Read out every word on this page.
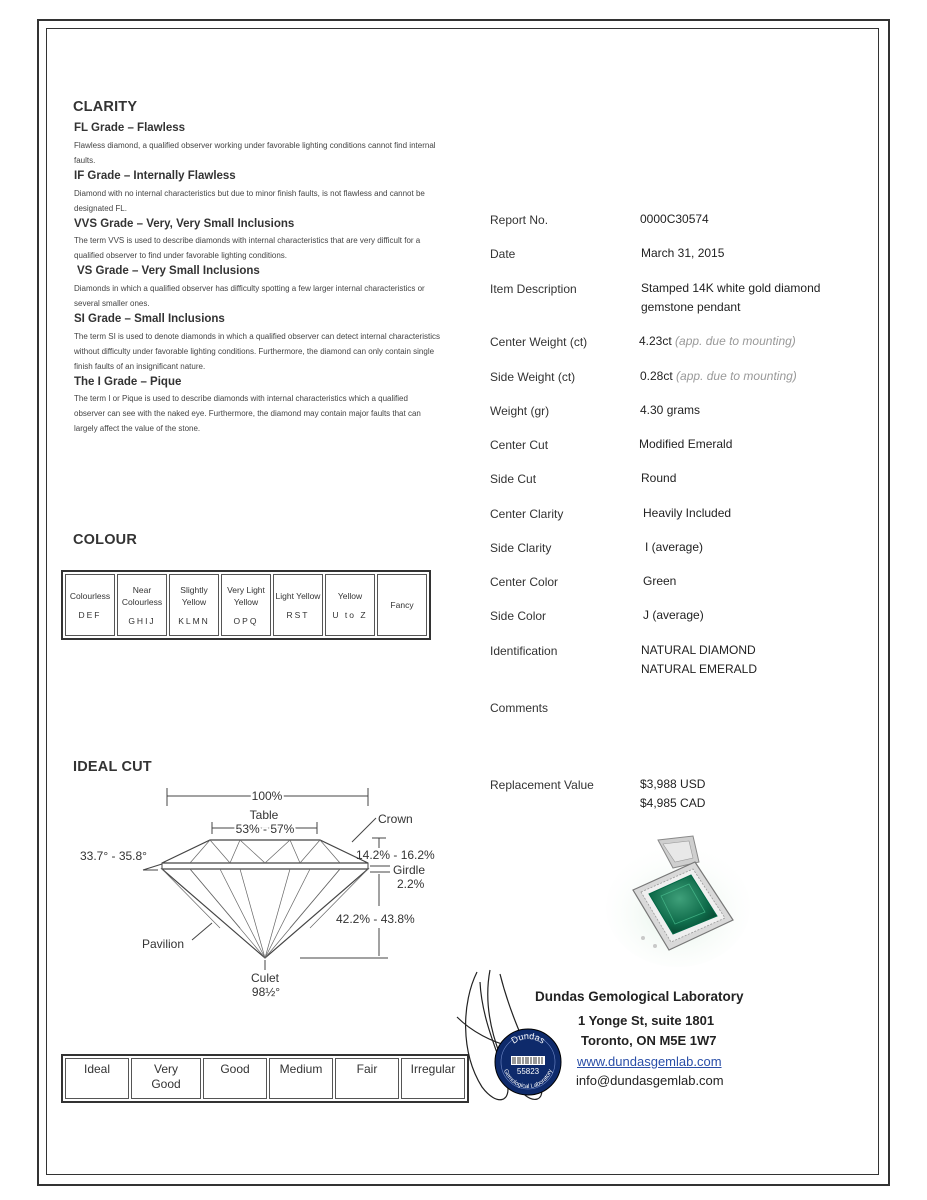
CLARITY

FL Grade – Flawless

Flawless diamond, a qualified observer working under favorable lighting conditions cannot find internal faults.

IF Grade – Internally Flawless

Diamond with no internal characteristics but due to minor finish faults, is not flawless and cannot be designated FL.

VVS Grade – Very, Very Small Inclusions

The term VVS is used to describe diamonds with internal characteristics that are very difficult for a qualified observer to find under favorable lighting conditions.

VS Grade – Very Small Inclusions

Diamonds in which a qualified observer has difficulty spotting a few larger internal characteristics or several smaller ones.

SI Grade – Small Inclusions

The term SI is used to denote diamonds in which a qualified observer can detect internal characteristics without difficulty under favorable lighting conditions. Furthermore, the diamond can only contain single finish faults of an insignificant nature.

The I Grade – Pique

The term I or Pique is used to describe diamonds with internal characteristics which a qualified observer can see with the naked eye. Furthermore, the diamond may contain major faults that can largely affect the value of the stone.

COLOUR
Colourless
DEF

Near Colourless
GHIJ

Slightly Yellow
KLMN

Very Light Yellow
OPQ

Light Yellow
RST

Yellow
U to Z

Fancy
IDEAL CUT
100%
Table
53% - 57%
33.7° - 35.8°
Crown
14.2% - 16.2%
Girdle
2.2%
42.2% - 43.8%
Pavilion
Culet
98½°
Ideal	Very Good	Good	Medium	Fair	Irregular
Report No.	0000C30574
Date	March 31, 2015
Item Description	Stamped 14K white gold diamond gemstone pendant
Center Weight (ct)	4.23ct (app. due to mounting)
Side Weight (ct)	0.28ct (app. due to mounting)
Weight (gr)	4.30 grams
Center Cut	Modified Emerald
Side Cut	Round
Center Clarity	Heavily Included
Side Clarity	I (average)
Center Color	Green
Side Color	J (average)
Identification	NATURAL DIAMOND
NATURAL EMERALD
Comments
Replacement Value	$3,988 USD
$4,985 CAD
Dundas
Gemological Laboratory
55823
Dundas Gemological Laboratory
1 Yonge St, suite 1801
Toronto, ON M5E 1W7
www.dundasgemlab.com
info@dundasgemlab.com
